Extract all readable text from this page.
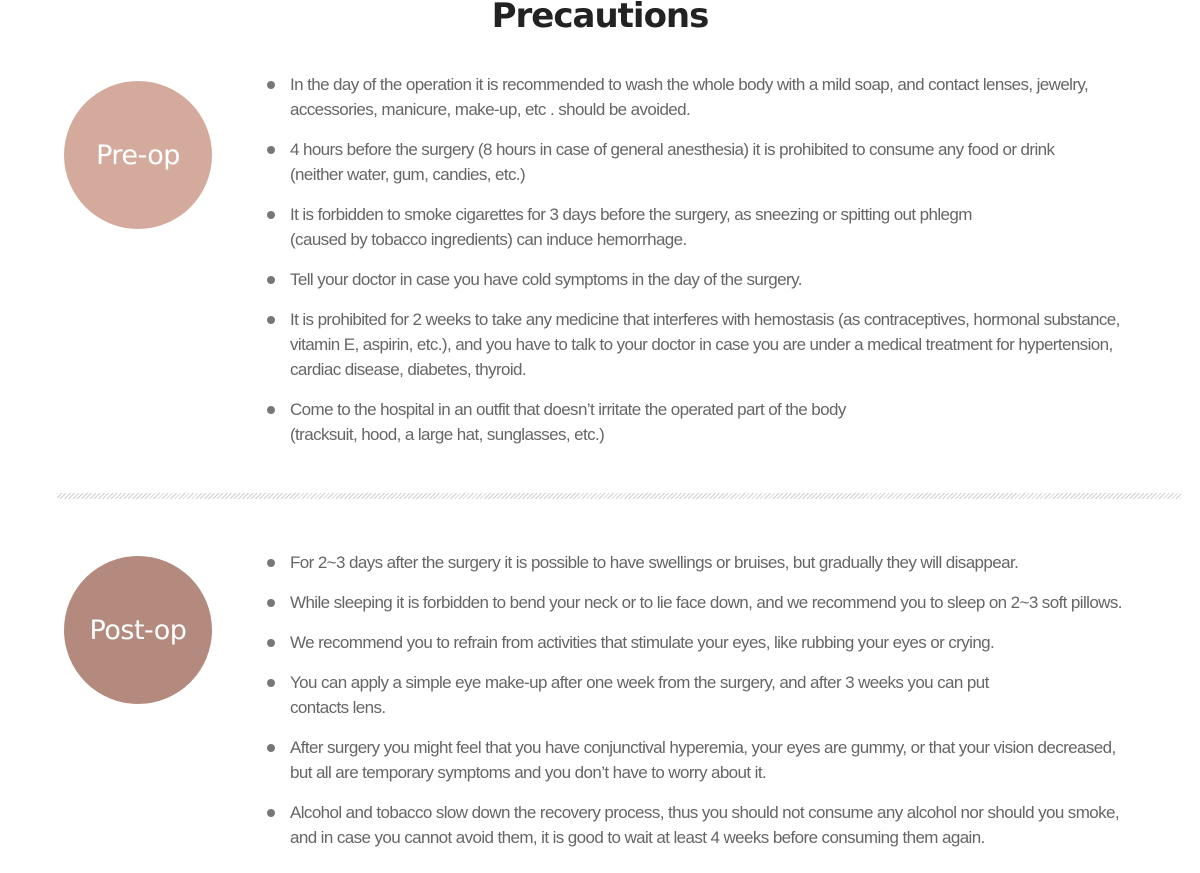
Precautions
Pre-op
In the day of the operation it is recommended to wash the whole body with a mild soap, and contact lenses, jewelry,
accessories, manicure, make-up, etc . should be avoided.
4 hours before the surgery (8 hours in case of general anesthesia) it is prohibited to consume any food or drink
(neither water, gum, candies, etc.)
It is forbidden to smoke cigarettes for 3 days before the surgery, as sneezing or spitting out phlegm
(caused by tobacco ingredients) can induce hemorrhage.
Tell your doctor in case you have cold symptoms in the day of the surgery.
It is prohibited for 2 weeks to take any medicine that interferes with hemostasis (as contraceptives, hormonal substance,
vitamin E, aspirin, etc.), and you have to talk to your doctor in case you are under a medical treatment for hypertension,
cardiac disease, diabetes, thyroid.
Come to the hospital in an outfit that doesn’t irritate the operated part of the body
(tracksuit, hood, a large hat, sunglasses, etc.)
Post-op
For 2~3 days after the surgery it is possible to have swellings or bruises, but gradually they will disappear.
While sleeping it is forbidden to bend your neck or to lie face down, and we recommend you to sleep on 2~3 soft pillows.
We recommend you to refrain from activities that stimulate your eyes, like rubbing your eyes or crying.
You can apply a simple eye make-up after one week from the surgery, and after 3 weeks you can put
contacts lens.
After surgery you might feel that you have conjunctival hyperemia, your eyes are gummy, or that your vision decreased,
but all are temporary symptoms and you don’t have to worry about it.
Alcohol and tobacco slow down the recovery process, thus you should not consume any alcohol nor should you smoke,
and in case you cannot avoid them, it is good to wait at least 4 weeks before consuming them again.
